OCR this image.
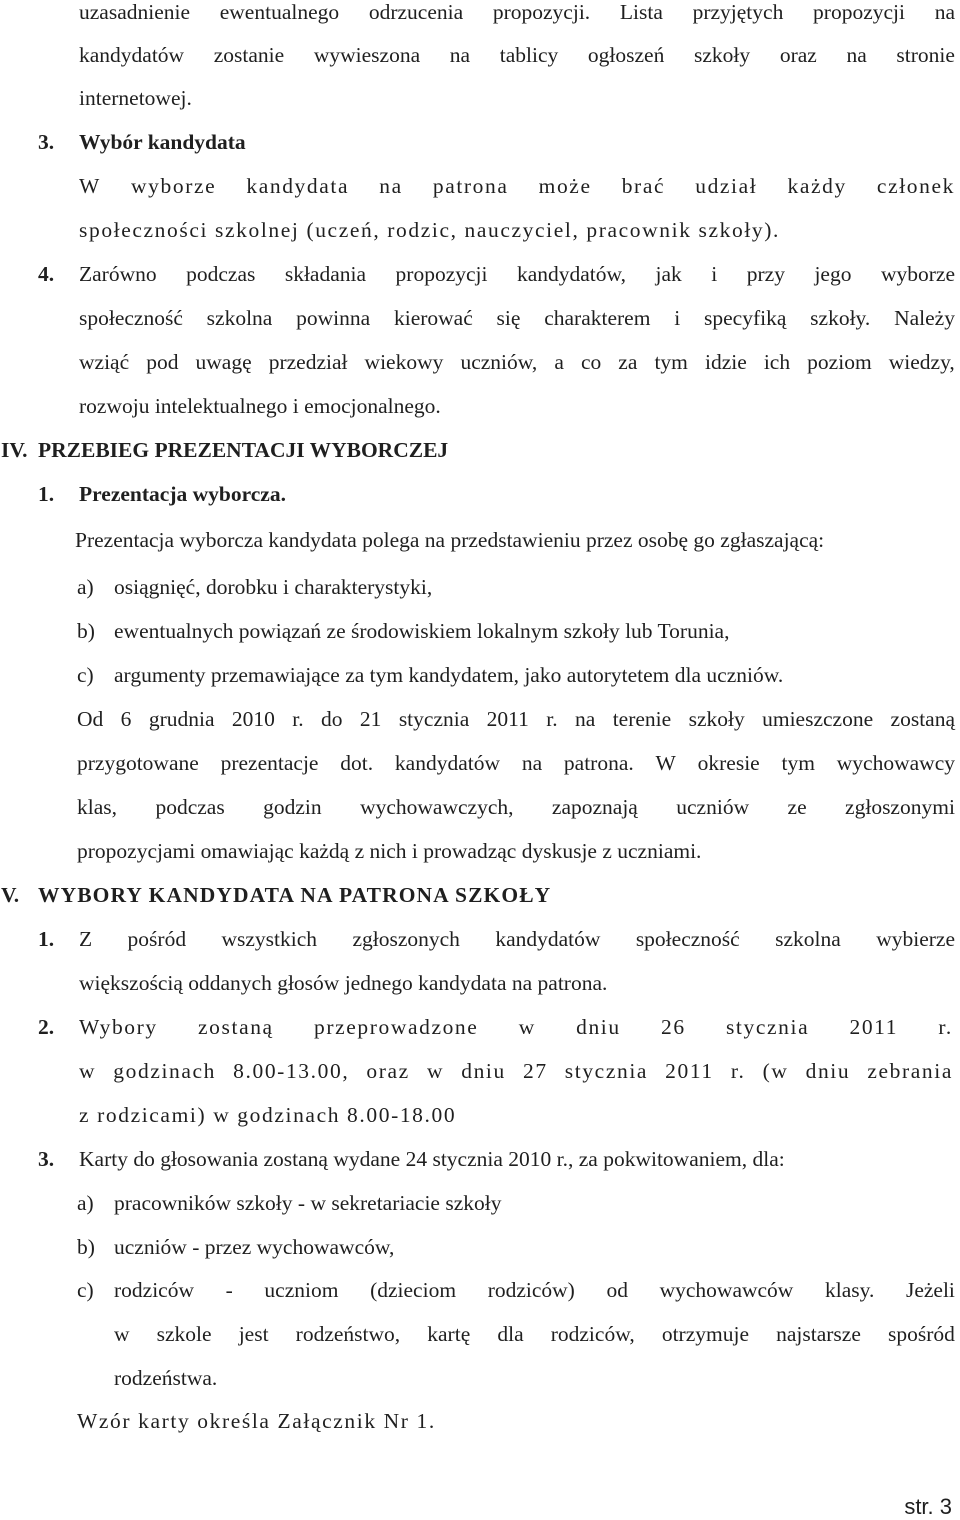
uzasadnienie ewentualnego odrzucenia propozycji. Lista przyjętych propozycji na
kandydatów zostanie wywieszona na tablicy ogłoszeń szkoły oraz na stronie
internetowej.
3. Wybór kandydata
W wyborze kandydata na patrona może brać udział każdy członek
społeczności szkolnej (uczeń, rodzic, nauczyciel, pracownik szkoły).
4. Zarówno podczas składania propozycji kandydatów, jak i przy jego wyborze
społeczność szkolna powinna kierować się charakterem i specyfiką szkoły. Należy
wziąć pod uwagę przedział wiekowy uczniów, a co za tym idzie ich poziom wiedzy,
rozwoju intelektualnego i emocjonalnego.
IV. PRZEBIEG PREZENTACJI WYBORCZEJ
1. Prezentacja wyborcza.
Prezentacja wyborcza kandydata polega na przedstawieniu przez osobę go zgłaszającą:
a) osiągnięć, dorobku i charakterystyki,
b) ewentualnych powiązań ze środowiskiem lokalnym szkoły lub Torunia,
c) argumenty przemawiające za tym kandydatem, jako autorytetem dla uczniów.
Od 6 grudnia 2010 r. do 21 stycznia 2011 r. na terenie szkoły umieszczone zostaną
przygotowane prezentacje dot. kandydatów na patrona. W okresie tym wychowawcy
klas, podczas godzin wychowawczych, zapoznają uczniów ze zgłoszonymi
propozycjami omawiając każdą z nich i prowadząc dyskusje z uczniami.
V. WYBORY KANDYDATA NA PATRONA SZKOŁY
1. Z pośród wszystkich zgłoszonych kandydatów społeczność szkolna wybierze
większością oddanych głosów jednego kandydata na patrona.
2. Wybory zostaną przeprowadzone w dniu 26 stycznia 2011 r.
w godzinach 8.00-13.00, oraz w dniu 27 stycznia 2011 r. (w dniu zebrania
z rodzicami) w godzinach 8.00-18.00
3. Karty do głosowania zostaną wydane 24 stycznia 2010 r., za pokwitowaniem, dla:
a) pracowników szkoły - w sekretariacie szkoły
b) uczniów - przez wychowawców,
c) rodziców - uczniom (dzieciom rodziców) od wychowawców klasy. Jeżeli
w szkole jest rodzeństwo, kartę dla rodziców, otrzymuje najstarsze spośród
rodzeństwa.
Wzór karty określa Załącznik Nr 1.
str. 3
